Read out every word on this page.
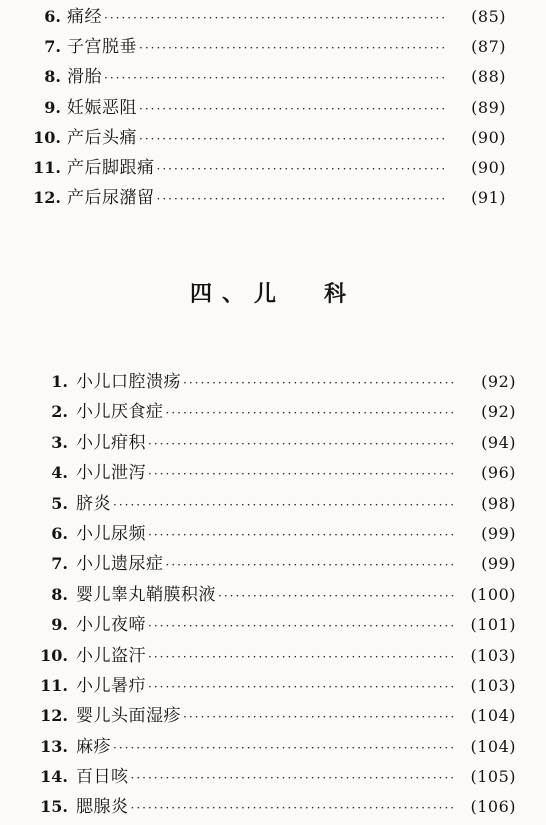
6. 痛经 ·····	(85)
7. 子宫脱垂 ·····	(87)
8. 滑胎 ·····	(88)
9. 妊娠恶阻 ·····	(89)
10. 产后头痛 ·····	(90)
11. 产后脚跟痛 ·····	(90)
12. 产后尿潴留 ·····	(91)
四、儿 科
1. 小儿口腔溃疡 ·····	(92)
2. 小儿厌食症 ·····	(92)
3. 小儿疳积 ·····	(94)
4. 小儿泄泻 ·····	(96)
5. 脐炎 ·····	(98)
6. 小儿尿频 ·····	(99)
7. 小儿遗尿症 ·····	(99)
8. 婴儿睾丸鞘膜积液 ·····	(100)
9. 小儿夜啼 ·····	(101)
10. 小儿盗汗 ·····	(103)
11. 小儿暑疖 ·····	(103)
12. 婴儿头面湿疹 ·····	(104)
13. 麻疹 ·····	(104)
14. 百日咳 ·····	(105)
15. 腮腺炎 ·····	(106)
